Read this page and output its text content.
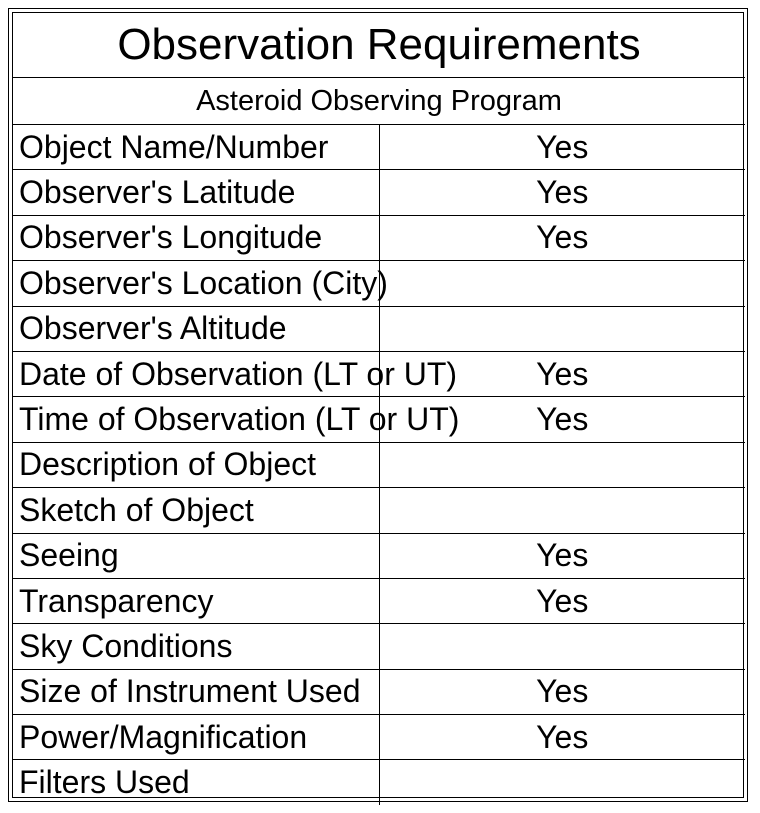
Observation Requirements	
Asteroid Observing Program	
Object Name/Number	Yes
Observer's Latitude	Yes
Observer's Longitude	Yes
Observer's Location (City)	
Observer's Altitude	
Date of Observation (LT or UT)	Yes
Time of Observation (LT or UT)	Yes
Description of Object	
Sketch of Object	
Seeing	Yes
Transparency	Yes
Sky Conditions	
Size of Instrument Used	Yes
Power/Magnification	Yes
Filters Used	
